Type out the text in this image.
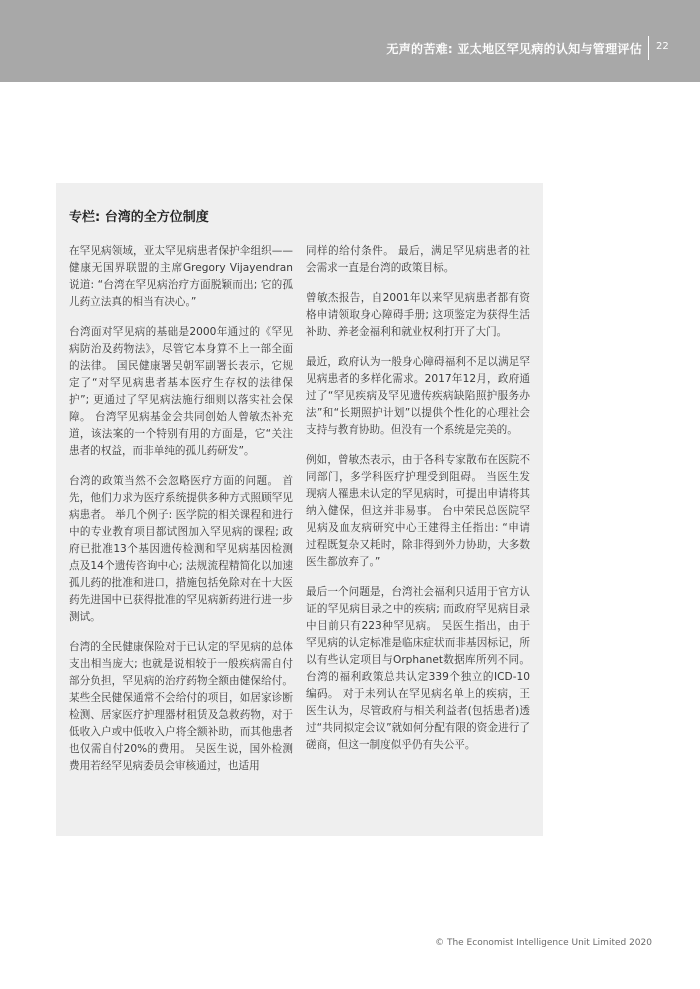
无声的苦难: 亚太地区罕见病的认知与管理评估 22
专栏: 台湾的全方位制度

在罕见病领域，亚太罕见病患者保护伞组织——健康无国界联盟的主席Gregory Vijayendran说道: “台湾在罕见病治疗方面脱颖而出; 它的孤儿药立法真的相当有决心。”

台湾面对罕见病的基础是2000年通过的《罕见病防治及药物法》，尽管它本身算不上一部全面的法律。 国民健康署吴朝军副署长表示，它规定了“对罕见病患者基本医疗生存权的法律保护”; 更通过了罕见病法施行细则以落实社会保障。 台湾罕见病基金会共同创始人曾敏杰补充道，该法案的一个特别有用的方面是，它“关注患者的权益，而非单纯的孤儿药研发”。

台湾的政策当然不会忽略医疗方面的问题。 首先，他们力求为医疗系统提供多种方式照顾罕见病患者。 举几个例子: 医学院的相关课程和进行中的专业教育项目都试图加入罕见病的课程; 政府已批准13个基因遗传检测和罕见病基因检测点及14个遗传咨询中心; 法规流程精简化以加速孤儿药的批准和进口，措施包括免除对在十大医药先进国中已获得批准的罕见病新药进行进一步测试。

台湾的全民健康保险对于已认定的罕见病的总体支出相当庞大; 也就是说相较于一般疾病需自付部分负担，罕见病的治疗药物全额由健保给付。 某些全民健保通常不会给付的项目，如居家诊断检测、居家医疗护理器材租赁及急救药物，对于低收入户或中低收入户将全额补助，而其他患者也仅需自付20%的费用。 吴医生说，国外检测费用若经罕见病委员会审核通过，也适用

同样的给付条件。 最后，满足罕见病患者的社会需求一直是台湾的政策目标。

曾敏杰报告，自2001年以来罕见病患者都有资格申请领取身心障碍手册; 这项鉴定为获得生活补助、养老金福利和就业权利打开了大门。

最近，政府认为一般身心障碍福利不足以满足罕见病患者的多样化需求。2017年12月，政府通过了“罕见疾病及罕见遗传疾病缺陷照护服务办法”和“长期照护计划”以提供个性化的心理社会支持与教育协助。但没有一个系统是完美的。

例如，曾敏杰表示，由于各科专家散布在医院不同部门，多学科医疗护理受到阻碍。 当医生发现病人罹患未认定的罕见病时，可提出申请将其纳入健保，但这并非易事。 台中荣民总医院罕见病及血友病研究中心王建得主任指出: “申请过程既复杂又耗时，除非得到外力协助，大多数医生都放弃了。”

最后一个问题是，台湾社会福利只适用于官方认证的罕见病目录之中的疾病; 而政府罕见病目录中目前只有223种罕见病。 吴医生指出，由于罕见病的认定标准是临床症状而非基因标记，所以有些认定项目与Orphanet数据库所列不同。 台湾的福利政策总共认定339个独立的ICD-10编码。 对于未列认在罕见病名单上的疾病，王医生认为，尽管政府与相关利益者(包括患者)透过“共同拟定会议”就如何分配有限的资金进行了磋商，但这一制度似乎仍有失公平。

© The Economist Intelligence Unit Limited 2020
